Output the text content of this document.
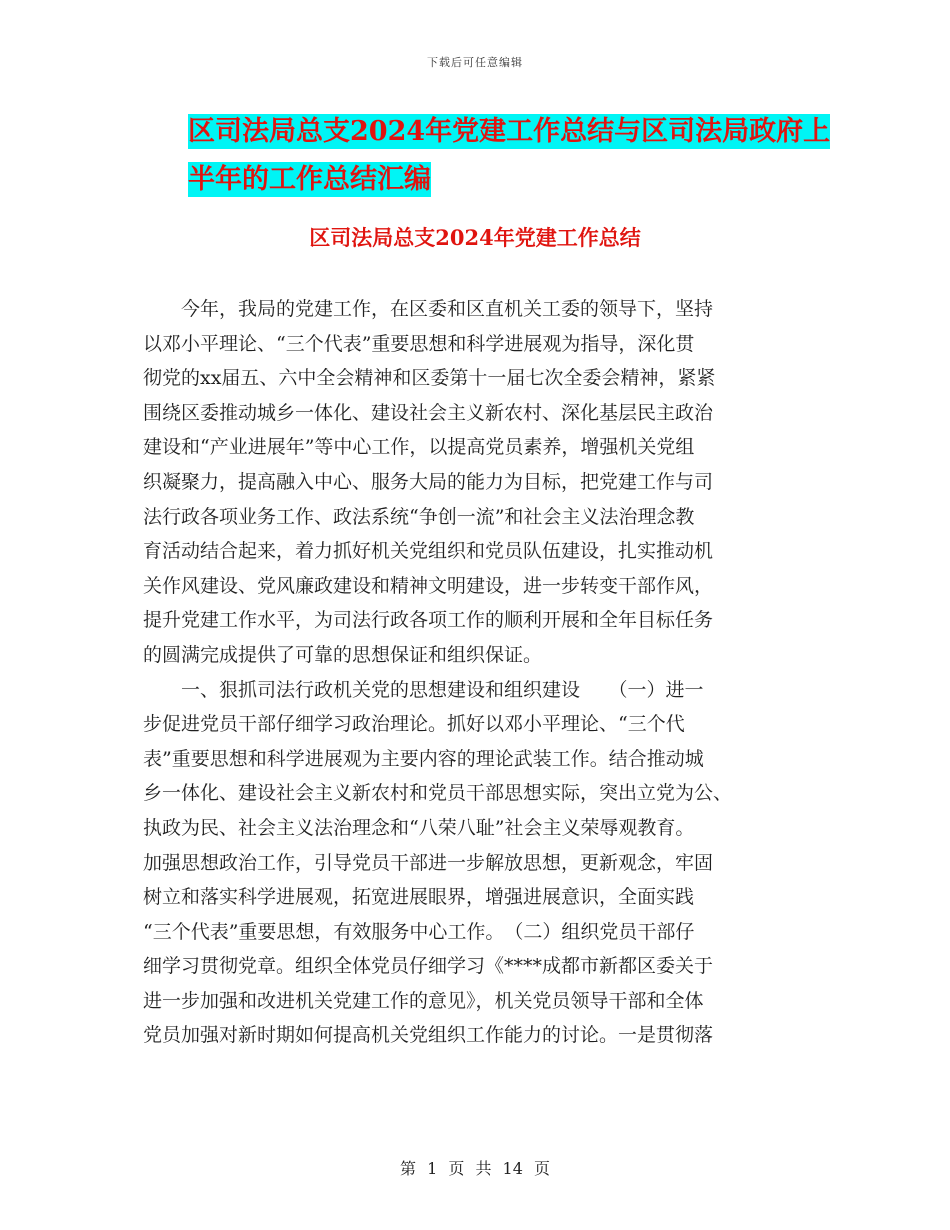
下载后可任意编辑
区司法局总支2024年党建工作总结与区司法局政府上
半年的工作总结汇编
区司法局总支2024年党建工作总结
　　今年，我局的党建工作，在区委和区直机关工委的领导下，坚持
以邓小平理论、“三个代表”重要思想和科学进展观为指导，深化贯
彻党的xx届五、六中全会精神和区委第十一届七次全委会精神，紧紧
围绕区委推动城乡一体化、建设社会主义新农村、深化基层民主政治
建设和“产业进展年”等中心工作，以提高党员素养，增强机关党组
织凝聚力，提高融入中心、服务大局的能力为目标，把党建工作与司
法行政各项业务工作、政法系统“争创一流”和社会主义法治理念教
育活动结合起来，着力抓好机关党组织和党员队伍建设，扎实推动机
关作风建设、党风廉政建设和精神文明建设，进一步转变干部作风，
提升党建工作水平，为司法行政各项工作的顺利开展和全年目标任务
的圆满完成提供了可靠的思想保证和组织保证。
　　一、狠抓司法行政机关党的思想建设和组织建设　　（一）进一
步促进党员干部仔细学习政治理论。抓好以邓小平理论、“三个代
表”重要思想和科学进展观为主要内容的理论武装工作。结合推动城
乡一体化、建设社会主义新农村和党员干部思想实际，突出立党为公、
执政为民、社会主义法治理念和“八荣八耻”社会主义荣辱观教育。
加强思想政治工作，引导党员干部进一步解放思想，更新观念，牢固
树立和落实科学进展观，拓宽进展眼界，增强进展意识，全面实践
“三个代表”重要思想，有效服务中心工作。　（二）组织党员干部仔
细学习贯彻党章。组织全体党员仔细学习《****成都市新都区委关于
进一步加强和改进机关党建工作的意见》，机关党员领导干部和全体
党员加强对新时期如何提高机关党组织工作能力的讨论。一是贯彻落
第 1 页 共 14 页
